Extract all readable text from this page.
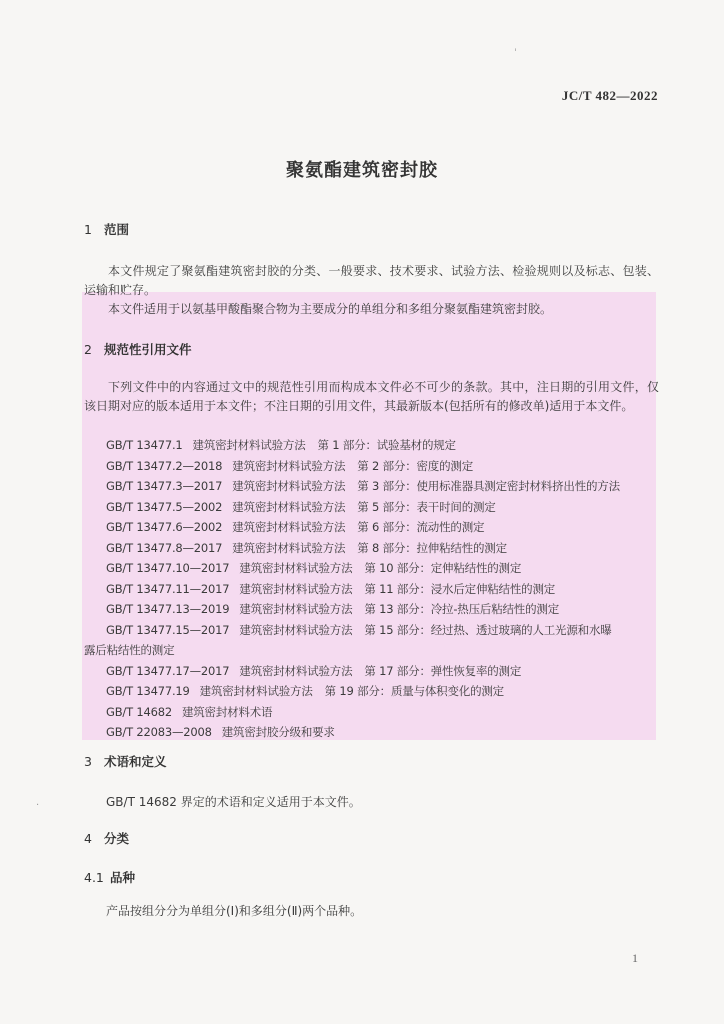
JC/T 482—2022
聚氨酯建筑密封胶
1 范围
本文件规定了聚氨酯建筑密封胶的分类、一般要求、技术要求、试验方法、检验规则以及标志、包装、运输和贮存。
本文件适用于以氨基甲酸酯聚合物为主要成分的单组分和多组分聚氨酯建筑密封胶。
2 规范性引用文件
下列文件中的内容通过文中的规范性引用而构成本文件必不可少的条款。其中，注日期的引用文件，仅该日期对应的版本适用于本文件；不注日期的引用文件，其最新版本(包括所有的修改单)适用于本文件。
GB/T 13477.1 建筑密封材料试验方法 第 1 部分：试验基材的规定
GB/T 13477.2—2018 建筑密封材料试验方法 第 2 部分：密度的测定
GB/T 13477.3—2017 建筑密封材料试验方法 第 3 部分：使用标准器具测定密封材料挤出性的方法
GB/T 13477.5—2002 建筑密封材料试验方法 第 5 部分：表干时间的测定
GB/T 13477.6—2002 建筑密封材料试验方法 第 6 部分：流动性的测定
GB/T 13477.8—2017 建筑密封材料试验方法 第 8 部分：拉伸粘结性的测定
GB/T 13477.10—2017 建筑密封材料试验方法 第 10 部分：定伸粘结性的测定
GB/T 13477.11—2017 建筑密封材料试验方法 第 11 部分：浸水后定伸粘结性的测定
GB/T 13477.13—2019 建筑密封材料试验方法 第 13 部分：冷拉-热压后粘结性的测定
GB/T 13477.15—2017 建筑密封材料试验方法 第 15 部分：经过热、透过玻璃的人工光源和水曝
露后粘结性的测定
GB/T 13477.17—2017 建筑密封材料试验方法 第 17 部分：弹性恢复率的测定
GB/T 13477.19 建筑密封材料试验方法 第 19 部分：质量与体积变化的测定
GB/T 14682 建筑密封材料术语
GB/T 22083—2008 建筑密封胶分级和要求
3 术语和定义
GB/T 14682 界定的术语和定义适用于本文件。
4 分类
4.1 品种
产品按组分分为单组分(Ⅰ)和多组分(Ⅱ)两个品种。
1
ˈ
·
